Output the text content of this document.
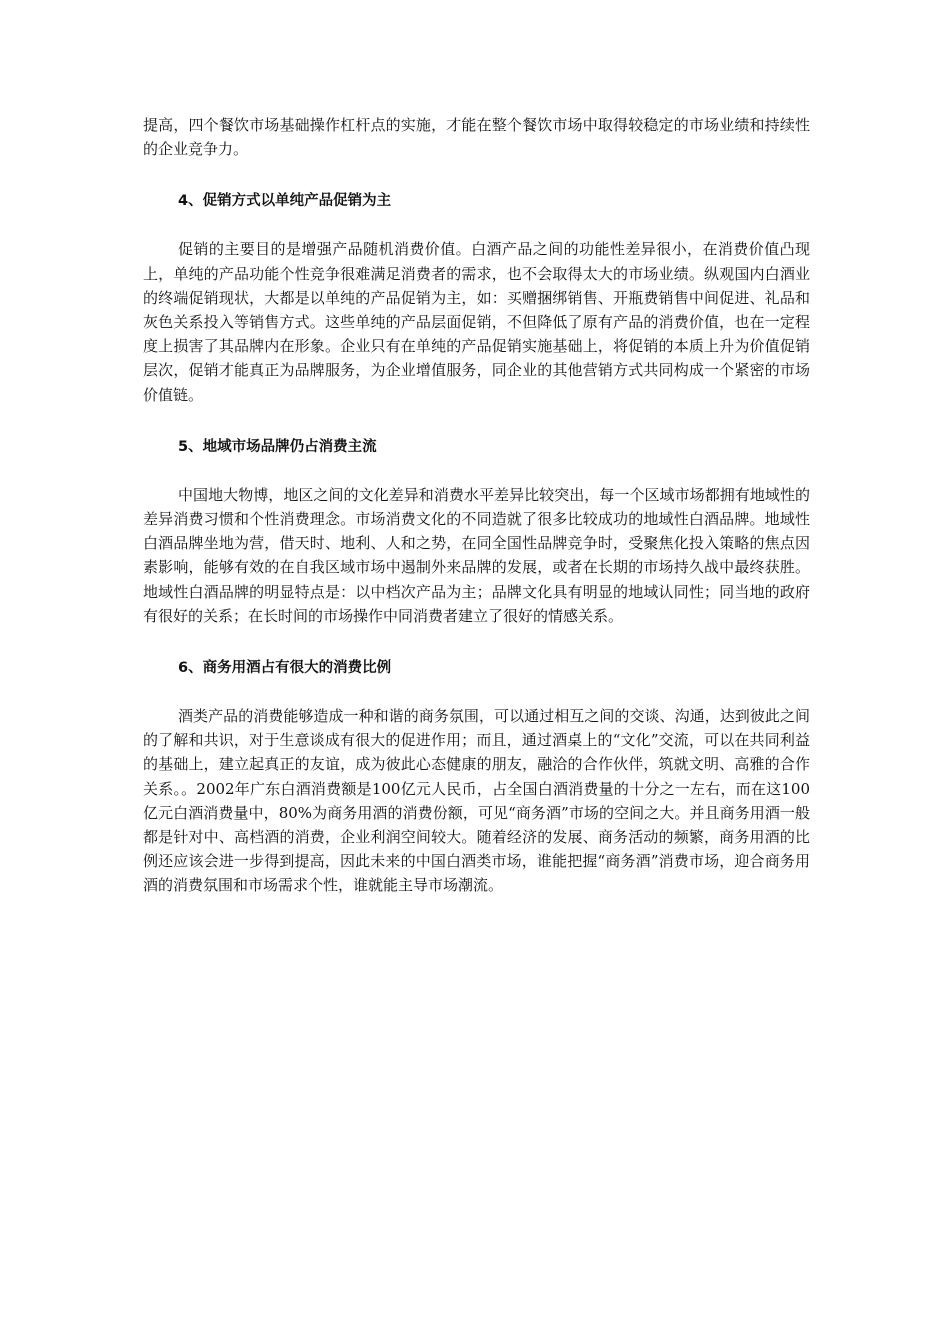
提高，四个餐饮市场基础操作杠杆点的实施，才能在整个餐饮市场中取得较稳定的市场业绩和持续性的企业竞争力。

4、促销方式以单纯产品促销为主

促销的主要目的是增强产品随机消费价值。白酒产品之间的功能性差异很小，在消费价值凸现上，单纯的产品功能个性竞争很难满足消费者的需求，也不会取得太大的市场业绩。纵观国内白酒业的终端促销现状，大都是以单纯的产品促销为主，如：买赠捆绑销售、开瓶费销售中间促进、礼品和灰色关系投入等销售方式。这些单纯的产品层面促销，不但降低了原有产品的消费价值，也在一定程度上损害了其品牌内在形象。企业只有在单纯的产品促销实施基础上，将促销的本质上升为价值促销层次，促销才能真正为品牌服务，为企业增值服务，同企业的其他营销方式共同构成一个紧密的市场价值链。

5、地域市场品牌仍占消费主流

中国地大物博，地区之间的文化差异和消费水平差异比较突出，每一个区域市场都拥有地域性的差异消费习惯和个性消费理念。市场消费文化的不同造就了很多比较成功的地域性白酒品牌。地域性白酒品牌坐地为营，借天时、地利、人和之势，在同全国性品牌竞争时，受聚焦化投入策略的焦点因素影响，能够有效的在自我区域市场中遏制外来品牌的发展，或者在长期的市场持久战中最终获胜。地域性白酒品牌的明显特点是：以中档次产品为主；品牌文化具有明显的地域认同性；同当地的政府有很好的关系；在长时间的市场操作中同消费者建立了很好的情感关系。

6、商务用酒占有很大的消费比例

酒类产品的消费能够造成一种和谐的商务氛围，可以通过相互之间的交谈、沟通，达到彼此之间的了解和共识，对于生意谈成有很大的促进作用；而且，通过酒桌上的“文化”交流，可以在共同利益的基础上，建立起真正的友谊，成为彼此心态健康的朋友，融洽的合作伙伴，筑就文明、高雅的合作关系。。2002年广东白酒消费额是100亿元人民币，占全国白酒消费量的十分之一左右，而在这100亿元白酒消费量中，80%为商务用酒的消费份额，可见“商务酒”市场的空间之大。并且商务用酒一般都是针对中、高档酒的消费，企业利润空间较大。随着经济的发展、商务活动的频繁，商务用酒的比例还应该会进一步得到提高，因此未来的中国白酒类市场，谁能把握“商务酒”消费市场，迎合商务用酒的消费氛围和市场需求个性，谁就能主导市场潮流。
